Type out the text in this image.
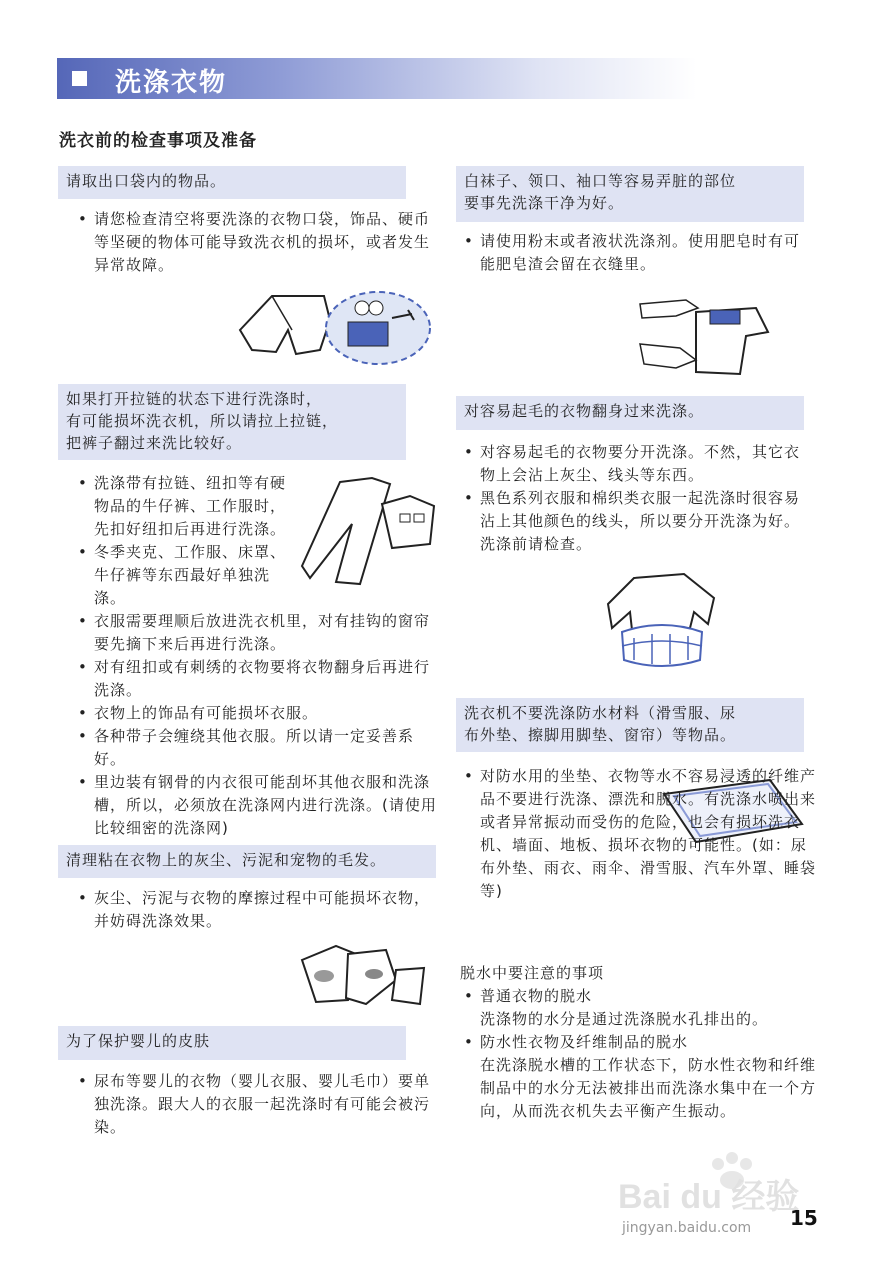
洗涤衣物
洗衣前的检查事项及准备
请取出口袋内的物品。
• 请您检查清空将要洗涤的衣物口袋，饰品、硬币等坚硬的物体可能导致洗衣机的损坏，或者发生异常故障。
如果打开拉链的状态下进行洗涤时，
有可能损坏洗衣机，所以请拉上拉链，
把裤子翻过来洗比较好。
• 洗涤带有拉链、纽扣等有硬物品的牛仔裤、工作服时，先扣好纽扣后再进行洗涤。
• 冬季夹克、工作服、床罩、牛仔裤等东西最好单独洗涤。
• 衣服需要理顺后放进洗衣机里，对有挂钩的窗帘要先摘下来后再进行洗涤。
• 对有纽扣或有刺绣的衣物要将衣物翻身后再进行洗涤。
• 衣物上的饰品有可能损坏衣服。
• 各种带子会缠绕其他衣服。所以请一定妥善系好。
• 里边装有钢骨的内衣很可能刮坏其他衣服和洗涤槽，所以，必须放在洗涤网内进行洗涤。(请使用比较细密的洗涤网)
清理粘在衣物上的灰尘、污泥和宠物的毛发。
• 灰尘、污泥与衣物的摩擦过程中可能损坏衣物，并妨碍洗涤效果。
为了保护婴儿的皮肤
• 尿布等婴儿的衣物（婴儿衣服、婴儿毛巾）要单独洗涤。跟大人的衣服一起洗涤时有可能会被污染。
白袜子、领口、袖口等容易弄脏的部位
要事先洗涤干净为好。
• 请使用粉末或者液状洗涤剂。使用肥皂时有可能肥皂渣会留在衣缝里。
对容易起毛的衣物翻身过来洗涤。
• 对容易起毛的衣物要分开洗涤。不然，其它衣物上会沾上灰尘、线头等东西。
• 黑色系列衣服和棉织类衣服一起洗涤时很容易沾上其他颜色的线头，所以要分开洗涤为好。洗涤前请检查。
洗衣机不要洗涤防水材料（滑雪服、尿
布外垫、擦脚用脚垫、窗帘）等物品。
• 对防水用的坐垫、衣物等水不容易浸透的纤维产品不要进行洗涤、漂洗和脱水。有洗涤水喷出来或者异常振动而受伤的危险，也会有损坏洗衣机、墙面、地板、损坏衣物的可能性。(如：尿布外垫、雨衣、雨伞、滑雪服、汽车外罩、睡袋等)
脱水中要注意的事项
• 普通衣物的脱水
洗涤物的水分是通过洗涤脱水孔排出的。
• 防水性衣物及纤维制品的脱水
在洗涤脱水槽的工作状态下，防水性衣物和纤维制品中的水分无法被排出而洗涤水集中在一个方向，从而洗衣机失去平衡产生振动。
Bai du 经验
jingyan.baidu.com 15
